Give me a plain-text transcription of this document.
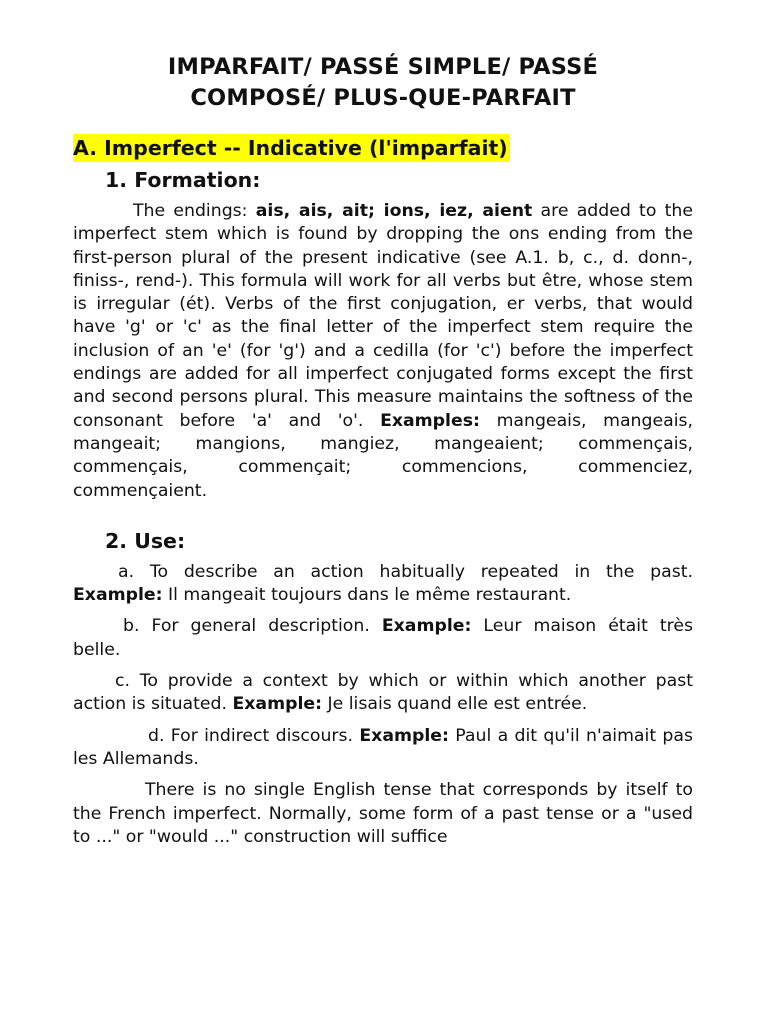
IMPARFAIT/ PASSÉ SIMPLE/ PASSÉ
COMPOSÉ/ PLUS-QUE-PARFAIT
A. Imperfect -- Indicative (l'imparfait)
1. Formation:

The endings: ais, ais, ait; ions, iez, aient are added to the imperfect stem which is found by dropping the ons ending from the first-person plural of the present indicative (see A.1. b, c., d. donn-, finiss-, rend-). This formula will work for all verbs but être, whose stem is irregular (ét). Verbs of the first conjugation, er verbs, that would have 'g' or 'c' as the final letter of the imperfect stem require the inclusion of an 'e' (for 'g') and a cedilla (for 'c') before the imperfect endings are added for all imperfect conjugated forms except the first and second persons plural. This measure maintains the softness of the consonant before 'a' and 'o'. Examples: mangeais, mangeais, mangeait; mangions, mangiez, mangeaient; commençais, commençais, commençait; commencions, commenciez, commençaient.

2. Use:

a. To describe an action habitually repeated in the past. Example: Il mangeait toujours dans le même restaurant.

b. For general description. Example: Leur maison était très belle.

c. To provide a context by which or within which another past action is situated. Example: Je lisais quand elle est entrée.

d. For indirect discours. Example: Paul a dit qu'il n'aimait pas les Allemands.

There is no single English tense that corresponds by itself to the French imperfect. Normally, some form of a past tense or a "used to ..." or "would ..." construction will suffice
